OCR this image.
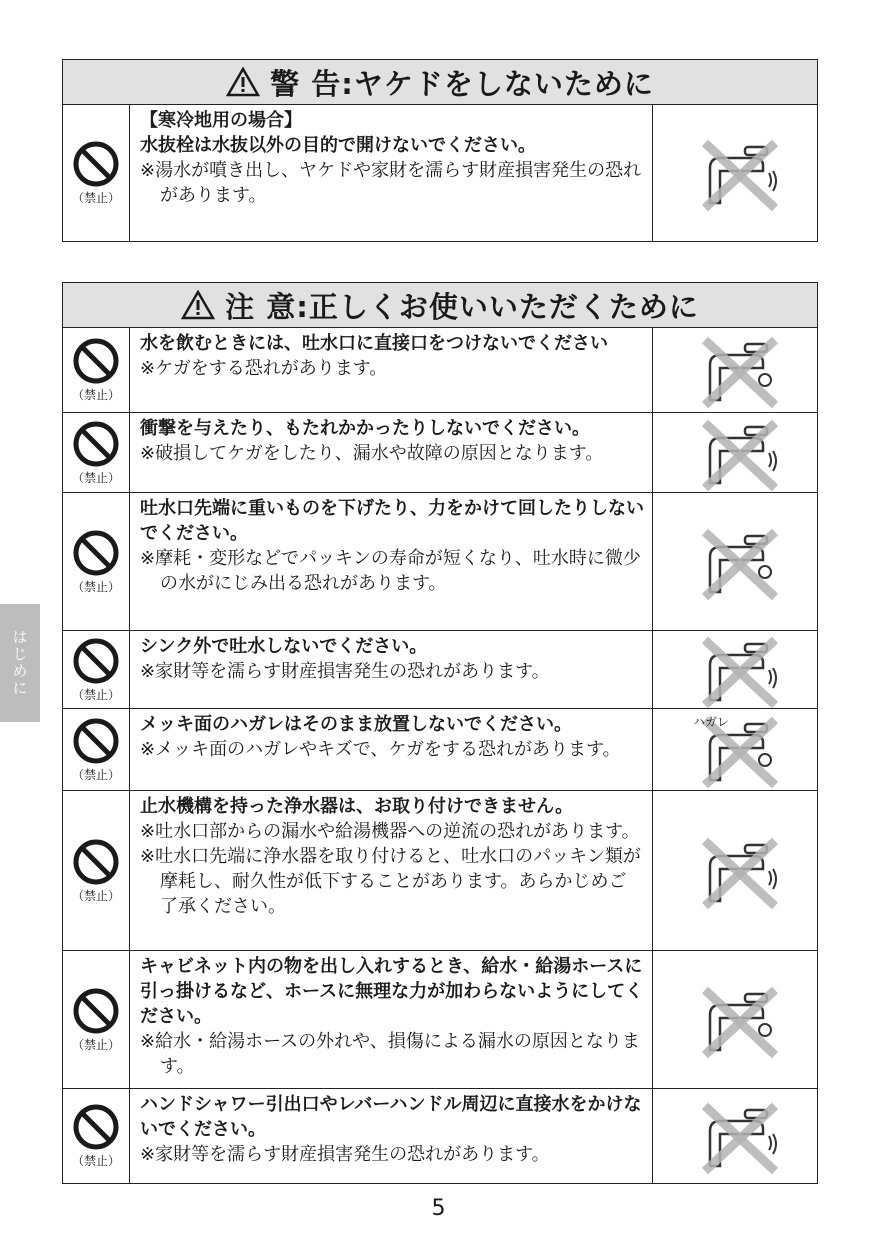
警 告:ヤケドをしないために
（禁止）
【寒冷地用の場合】
水抜栓は水抜以外の目的で開けないでください。
※湯水が噴き出し、ヤケドや家財を濡らす財産損害発生の恐れがあります。
注 意:正しくお使いいただくために
（禁止）
水を飲むときには、吐水口に直接口をつけないでください
※ケガをする恐れがあります。
（禁止）
衝撃を与えたり、もたれかかったりしないでください。
※破損してケガをしたり、漏水や故障の原因となります。
（禁止）
吐水口先端に重いものを下げたり、力をかけて回したりしないでください。
※摩耗・変形などでパッキンの寿命が短くなり、吐水時に微少の水がにじみ出る恐れがあります。
（禁止）
シンク外で吐水しないでください。
※家財等を濡らす財産損害発生の恐れがあります。
（禁止）
メッキ面のハガレはそのまま放置しないでください。
※メッキ面のハガレやキズで、ケガをする恐れがあります。
ハガレ
（禁止）
止水機構を持った浄水器は、お取り付けできません。
※吐水口部からの漏水や給湯機器への逆流の恐れがあります。
※吐水口先端に浄水器を取り付けると、吐水口のパッキン類が摩耗し、耐久性が低下することがあります。あらかじめご了承ください。
（禁止）
キャビネット内の物を出し入れするとき、給水・給湯ホースに引っ掛けるなど、ホースに無理な力が加わらないようにしてください。
※給水・給湯ホースの外れや、損傷による漏水の原因となります。
（禁止）
ハンドシャワー引出口やレバーハンドル周辺に直接水をかけないでください。
※家財等を濡らす財産損害発生の恐れがあります。
はじめに
5
